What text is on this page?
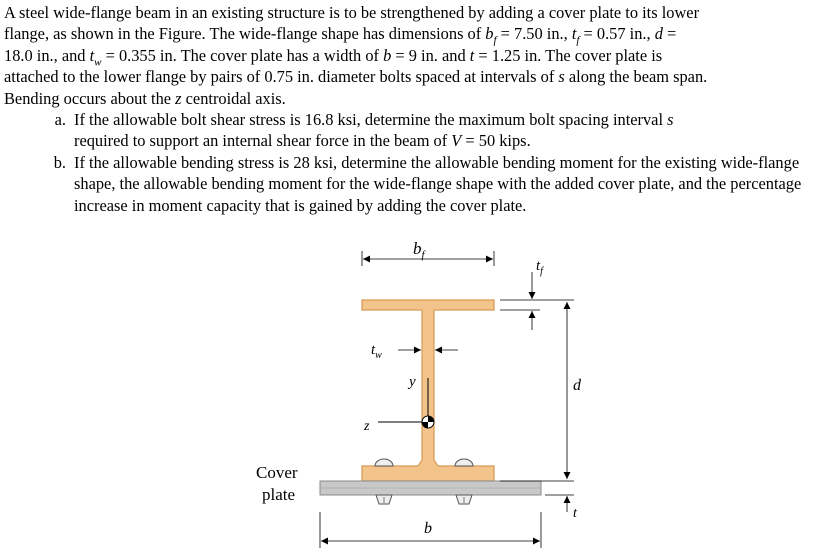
A steel wide-flange beam in an existing structure is to be strengthened by adding a cover plate to its lower

flange, as shown in the Figure. The wide-flange shape has dimensions of $b_f = 7.50$ in., $t_f = 0.57$ in., d =

18.0 in., and $t_w = 0.355$ in. The cover plate has a width of b = 9 in. and t = 1.25 in. The cover plate is

attached to the lower flange by pairs of 0.75 in. diameter bolts spaced at intervals of s along the beam span.

Bending occurs about the z centroidal axis.

a. If the allowable bolt shear stress is 16.8 ksi, determine the maximum bolt spacing interval s
required to support an internal shear force in the beam of V = 50 kips.
b. If the allowable bending stress is 28 ksi, determine the allowable bending moment for the existing wide-flange shape, the allowable bending moment for the wide-flange shape with the added cover plate, and the percentage increase in moment capacity that is gained by adding the cover plate.
$b_f$
$t_f$
$t_w$
y
z
d
t
b
Cover
plate
